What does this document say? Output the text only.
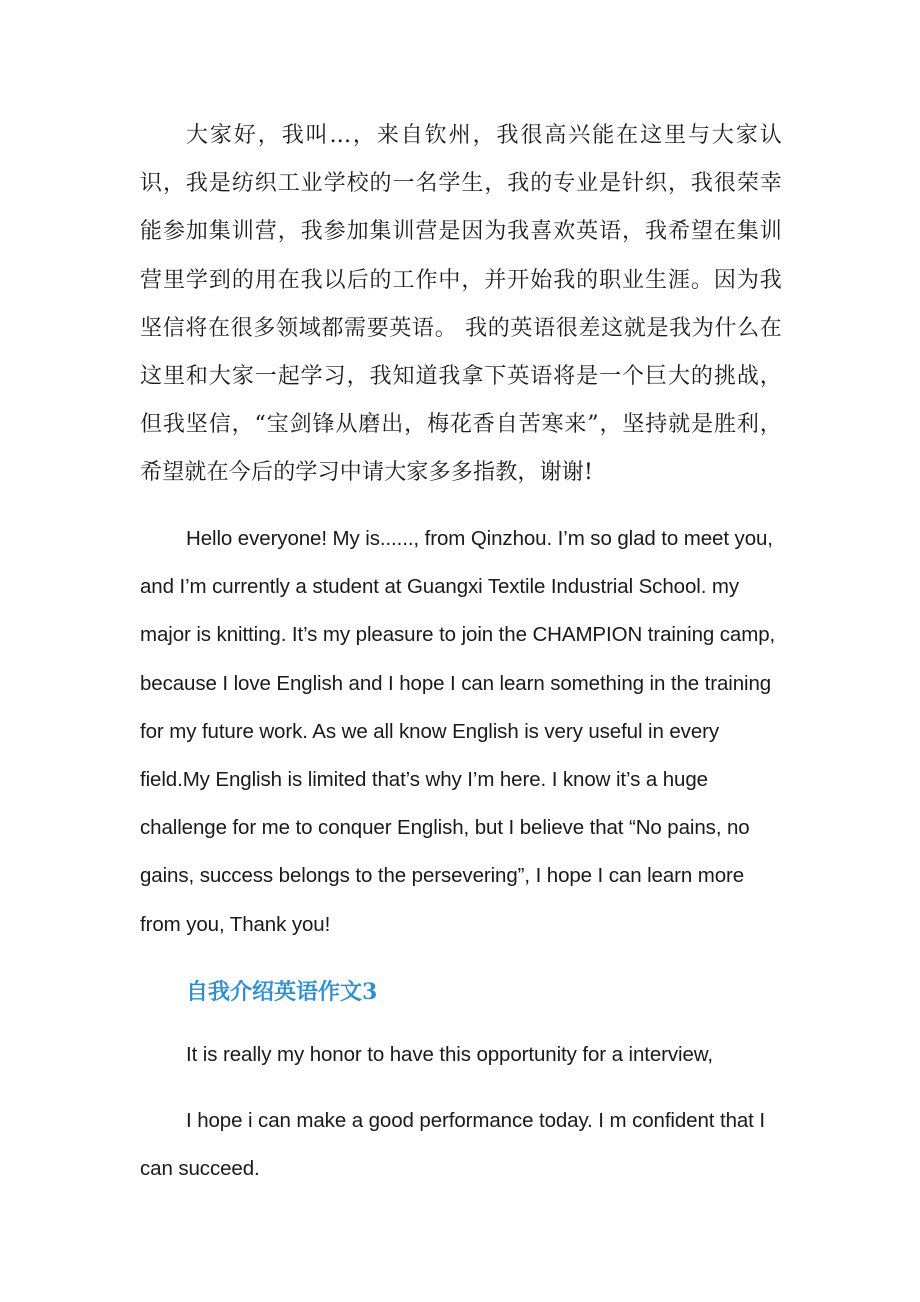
大家好，我叫...，来自钦州，我很高兴能在这里与大家认识，我是纺织工业学校的一名学生，我的专业是针织，我很荣幸能参加集训营，我参加集训营是因为我喜欢英语，我希望在集训营里学到的用在我以后的工作中，并开始我的职业生涯。因为我坚信将在很多领域都需要英语。 我的英语很差这就是我为什么在这里和大家一起学习，我知道我拿下英语将是一个巨大的挑战，但我坚信，“宝剑锋从磨出，梅花香自苦寒来”，坚持就是胜利，希望就在今后的学习中请大家多多指教，谢谢!

Hello everyone! My is......, from Qinzhou. I’m so glad to meet you, and I’m currently a student at Guangxi Textile Industrial School. my major is knitting. It’s my pleasure to join the CHAMPION training camp, because I love English and I hope I can learn something in the training for my future work. As we all know English is very useful in every field.My English is limited that’s why I’m here. I know it’s a huge challenge for me to conquer English, but I believe that “No pains, no gains, success belongs to the persevering”, I hope I can learn more from you, Thank you!

自我介绍英语作文3

It is really my honor to have this opportunity for a interview,

I hope i can make a good performance today. I m confident that I can succeed.
